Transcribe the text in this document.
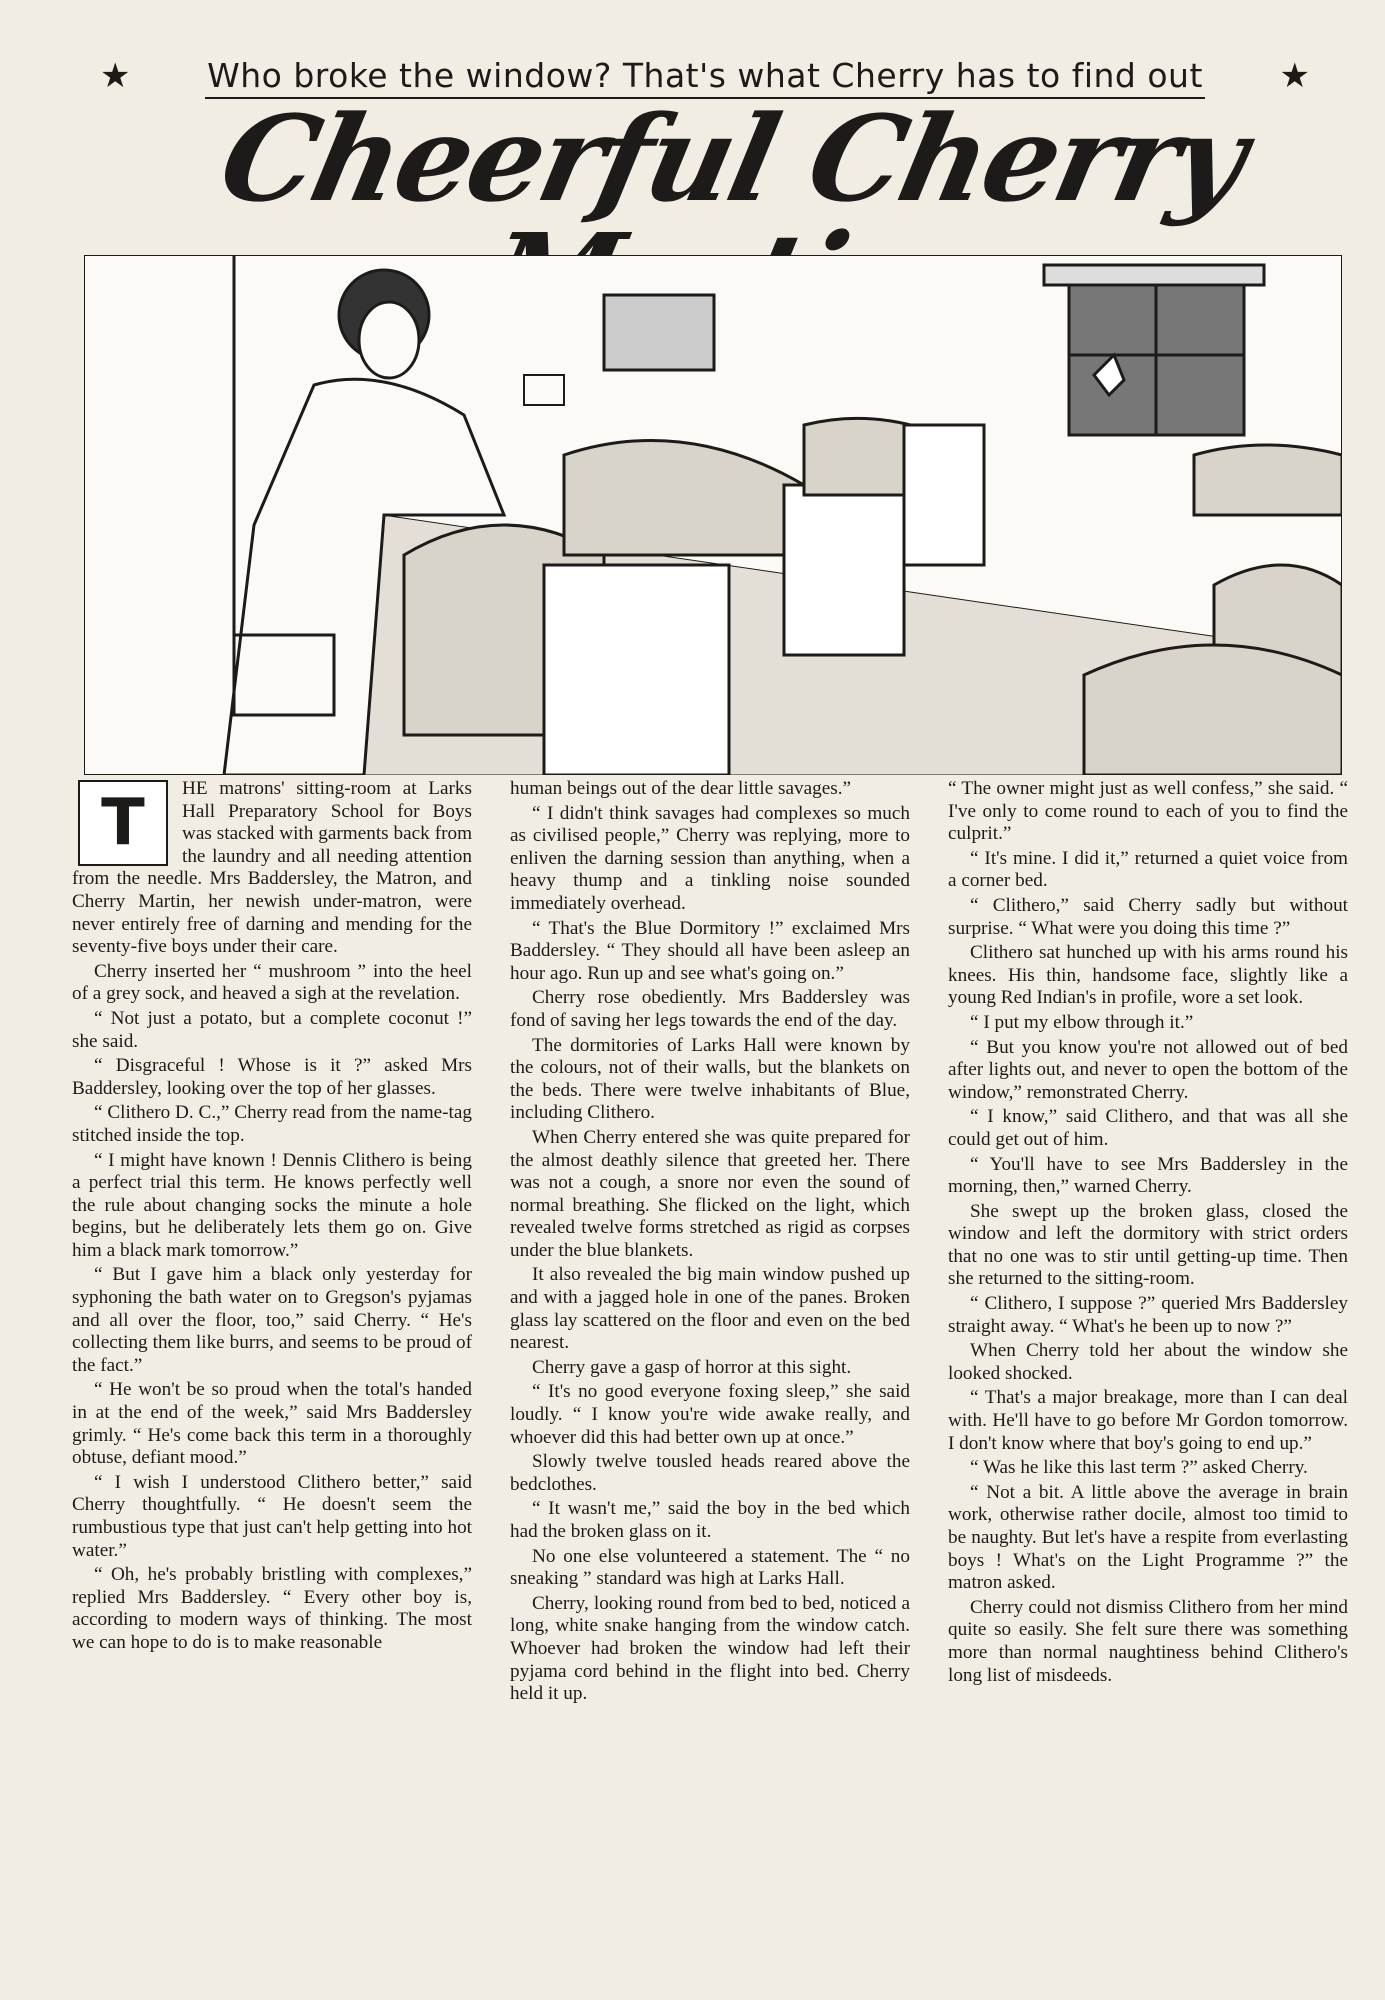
★ Who broke the window? That's what Cherry has to find out ★
Cheerful Cherry
T	HE matrons' sitting-room at Larks Hall Preparatory School for Boys was stacked with garments back from the laundry and all needing attention from the needle. Mrs Baddersley, the Matron, and Cherry Martin, her newish under-matron, were never entirely free of darning and mending for the seventy-five boys under their care.

Cherry inserted her “ mushroom ” into the heel of a grey sock, and heaved a sigh at the revelation.

“ Not just a potato, but a complete coconut !” she said.

“ Disgraceful ! Whose is it ?” asked Mrs Baddersley, looking over the top of her glasses.

“ Clithero D. C.,” Cherry read from the name-tag stitched inside the top.

“ I might have known ! Dennis Clithero is being a perfect trial this term. He knows perfectly well the rule about changing socks the minute a hole begins, but he deliberately lets them go on. Give him a black mark tomorrow.”

“ But I gave him a black only yesterday for syphoning the bath water on to Gregson's pyjamas and all over the floor, too,” said Cherry. “ He's collecting them like burrs, and seems to be proud of the fact.”

“ He won't be so proud when the total's handed in at the end of the week,” said Mrs Baddersley grimly. “ He's come back this term in a thoroughly obtuse, defiant mood.”

“ I wish I understood Clithero better,” said Cherry thoughtfully. “ He doesn't seem the rumbustious type that just can't help getting into hot water.”

“ Oh, he's probably bristling with complexes,” replied Mrs Baddersley. “ Every other boy is, according to modern ways of thinking. The most we can hope to do is to make reasonable

human beings out of the dear little savages.”

“ I didn't think savages had complexes so much as civilised people,” Cherry was replying, more to enliven the darning session than anything, when a heavy thump and a tinkling noise sounded immediately overhead.

“ That's the Blue Dormitory !” exclaimed Mrs Baddersley. “ They should all have been asleep an hour ago. Run up and see what's going on.”

Cherry rose obediently. Mrs Baddersley was fond of saving her legs towards the end of the day.

The dormitories of Larks Hall were known by the colours, not of their walls, but the blankets on the beds. There were twelve inhabitants of Blue, including Clithero.

When Cherry entered she was quite prepared for the almost deathly silence that greeted her. There was not a cough, a snore nor even the sound of normal breathing. She flicked on the light, which revealed twelve forms stretched as rigid as corpses under the blue blankets.

It also revealed the big main window pushed up and with a jagged hole in one of the panes. Broken glass lay scattered on the floor and even on the bed nearest.

Cherry gave a gasp of horror at this sight.

“ It's no good everyone foxing sleep,” she said loudly. “ I know you're wide awake really, and whoever did this had better own up at once.”

Slowly twelve tousled heads reared above the bedclothes.

“ It wasn't me,” said the boy in the bed which had the broken glass on it.

No one else volunteered a statement. The “ no sneaking ” standard was high at Larks Hall.

Cherry, looking round from bed to bed, noticed a long, white snake hanging from the window catch. Whoever had broken the window had left their pyjama cord behind in the flight into bed. Cherry held it up.

“ The owner might just as well confess,” she said. “ I've only to come round to each of you to find the culprit.”

“ It's mine. I did it,” returned a quiet voice from a corner bed.

“ Clithero,” said Cherry sadly but without surprise. “ What were you doing this time ?”

Clithero sat hunched up with his arms round his knees. His thin, handsome face, slightly like a young Red Indian's in profile, wore a set look.

“ I put my elbow through it.”

“ But you know you're not allowed out of bed after lights out, and never to open the bottom of the window,” remonstrated Cherry.

“ I know,” said Clithero, and that was all she could get out of him.

“ You'll have to see Mrs Baddersley in the morning, then,” warned Cherry.

She swept up the broken glass, closed the window and left the dormitory with strict orders that no one was to stir until getting-up time. Then she returned to the sitting-room.

“ Clithero, I suppose ?” queried Mrs Baddersley straight away. “ What's he been up to now ?”

When Cherry told her about the window she looked shocked.

“ That's a major breakage, more than I can deal with. He'll have to go before Mr Gordon tomorrow. I don't know where that boy's going to end up.”

“ Was he like this last term ?” asked Cherry.

“ Not a bit. A little above the average in brain work, otherwise rather docile, almost too timid to be naughty. But let's have a respite from everlasting boys ! What's on the Light Programme ?” the matron asked.

Cherry could not dismiss Clithero from her mind quite so easily. She felt sure there was something more than normal naughtiness behind Clithero's long list of misdeeds.
